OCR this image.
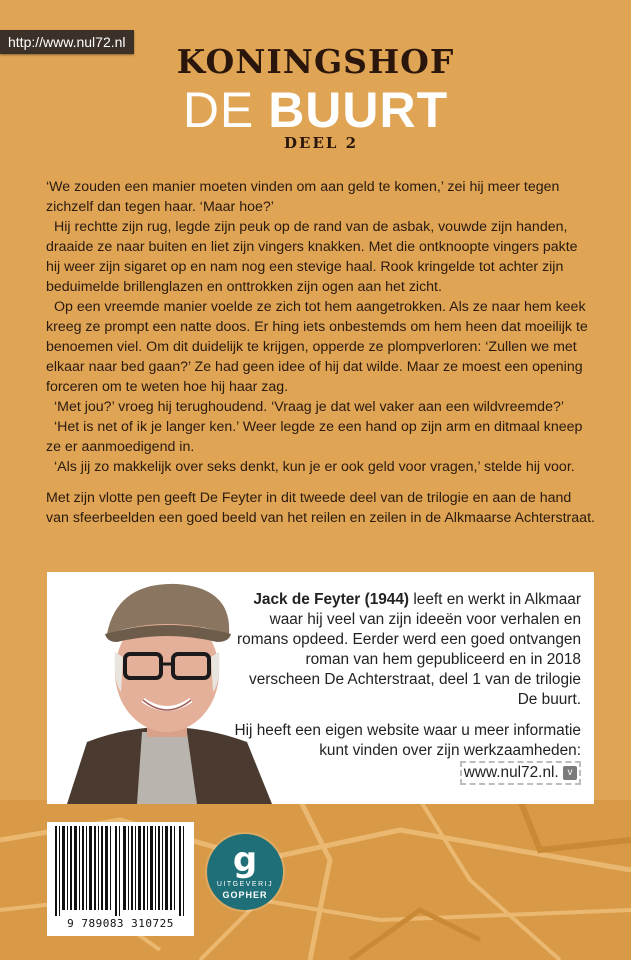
http://www.nul72.nl	KONINGSHOF
DE BUURT
DEEL 2

‘We zouden een manier moeten vinden om aan geld te komen,’ zei hij meer tegen zichzelf dan tegen haar. ‘Maar hoe?’

Hij rechtte zijn rug, legde zijn peuk op de rand van de asbak, vouwde zijn handen, draaide ze naar buiten en liet zijn vingers knakken. Met die ontknoopte vingers pakte hij weer zijn sigaret op en nam nog een stevige haal. Rook kringelde tot achter zijn beduimelde brillenglazen en onttrokken zijn ogen aan het zicht.

Op een vreemde manier voelde ze zich tot hem aangetrokken. Als ze naar hem keek kreeg ze prompt een natte doos. Er hing iets onbestemds om hem heen dat moeilijk te benoemen viel. Om dit duidelijk te krijgen, opperde ze plompverloren: ‘Zullen we met elkaar naar bed gaan?’ Ze had geen idee of hij dat wilde. Maar ze moest een opening forceren om te weten hoe hij haar zag.

‘Met jou?’ vroeg hij terughoudend. ‘Vraag je dat wel vaker aan een wildvreemde?’

‘Het is net of ik je langer ken.’ Weer legde ze een hand op zijn arm en ditmaal kneep ze er aanmoedigend in.

‘Als jij zo makkelijk over seks denkt, kun je er ook geld voor vragen,’ stelde hij voor.

Met zijn vlotte pen geeft De Feyter in dit tweede deel van de trilogie en aan de hand van sfeerbeelden een goed beeld van het reilen en zeilen in de Alkmaarse Achterstraat.

Jack de Feyter (1944) leeft en werkt in Alkmaar waar hij veel van zijn ideeën voor verhalen en romans opdeed. Eerder werd een goed ontvangen roman van hem gepubliceerd en in 2018 verscheen De Achterstraat, deel 1 van de trilogie De buurt.

Hij heeft een eigen website waar u meer informatie kunt vinden over zijn werkzaamheden: www.nul72.nl. v

9 789083 310725
g
UITGEVERIJ
GOPHER
